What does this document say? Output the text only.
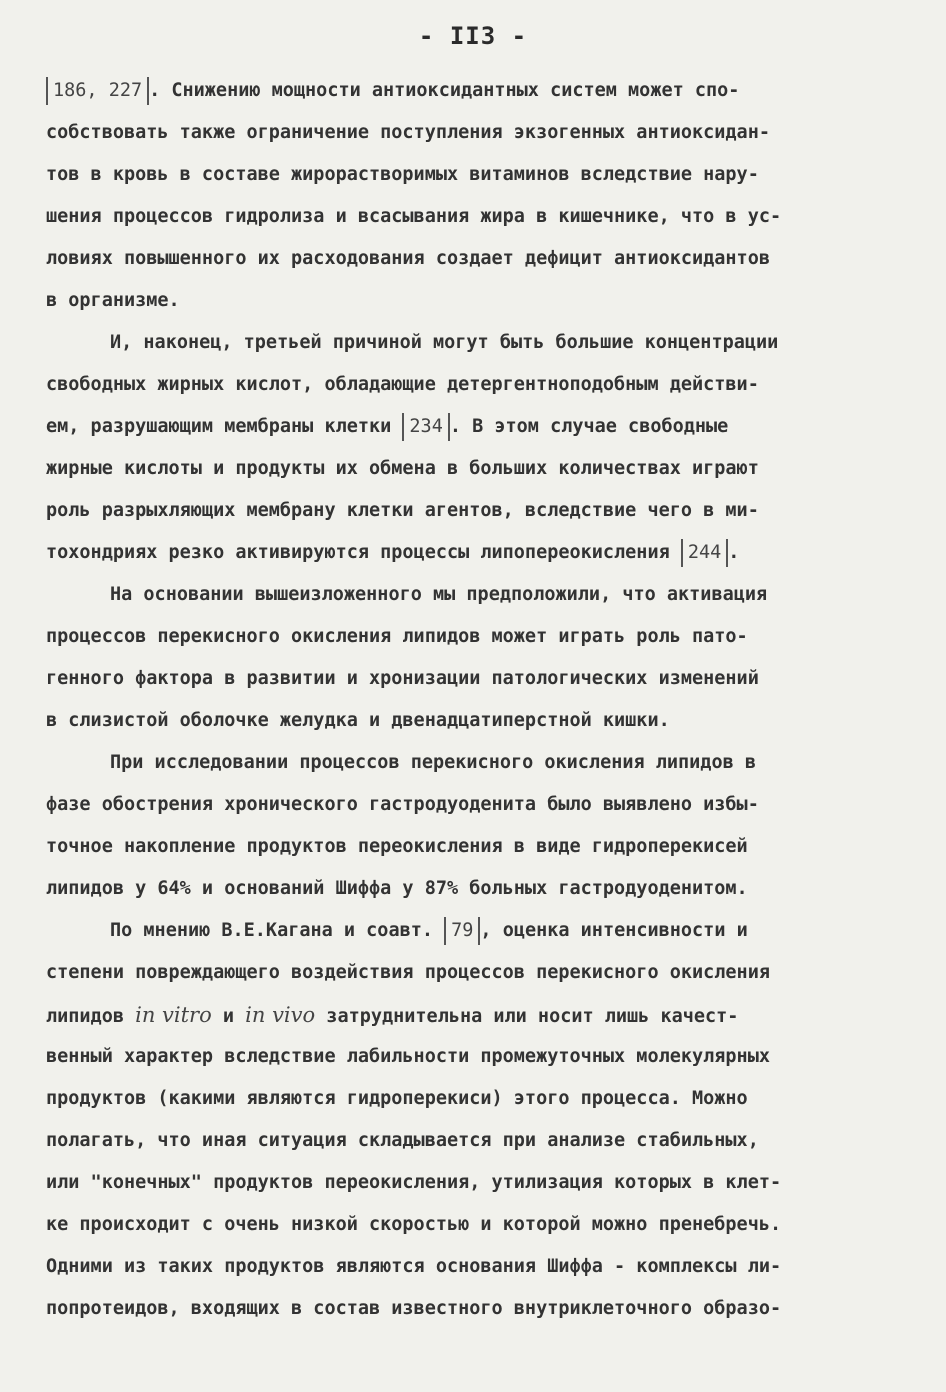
- II3 -
186, 227 . Снижению мощности антиоксидантных систем может спо-
собствовать также ограничение поступления экзогенных антиоксидан-
тов в кровь в составе жирорастворимых витаминов вследствие нару-
шения процессов гидролиза и всасывания жира в кишечнике, что в ус-
ловиях повышенного их расходования создает дефицит антиоксидантов
в организме.
И, наконец, третьей причиной могут быть большие концентрации
свободных жирных кислот, обладающие детергентноподобным действи-
ем, разрушающим мембраны клетки 234 . В этом случае свободные
жирные кислоты и продукты их обмена в больших количествах играют
роль разрыхляющих мембрану клетки агентов, вследствие чего в ми-
тохондриях резко активируются процессы липопереокисления 244 .
На основании вышеизложенного мы предположили, что активация
процессов перекисного окисления липидов может играть роль пато-
генного фактора в развитии и хронизации патологических изменений
в слизистой оболочке желудка и двенадцатиперстной кишки.
При исследовании процессов перекисного окисления липидов в
фазе обострения хронического гастродуоденита было выявлено избы-
точное накопление продуктов переокисления в виде гидроперекисей
липидов у 64% и оснований Шиффа у 87% больных гастродуоденитом.
По мнению В.Е.Кагана и соавт. 79 , оценка интенсивности и
степени повреждающего воздействия процессов перекисного окисления
липидов in vitro и in vivo затруднительна или носит лишь качест-
венный характер вследствие лабильности промежуточных молекулярных
продуктов (какими являются гидроперекиси) этого процесса. Можно
полагать, что иная ситуация складывается при анализе стабильных,
или "конечных" продуктов переокисления, утилизация которых в клет-
ке происходит с очень низкой скоростью и которой можно пренебречь.
Одними из таких продуктов являются основания Шиффа - комплексы ли-
попротеидов, входящих в состав известного внутриклеточного образо-
